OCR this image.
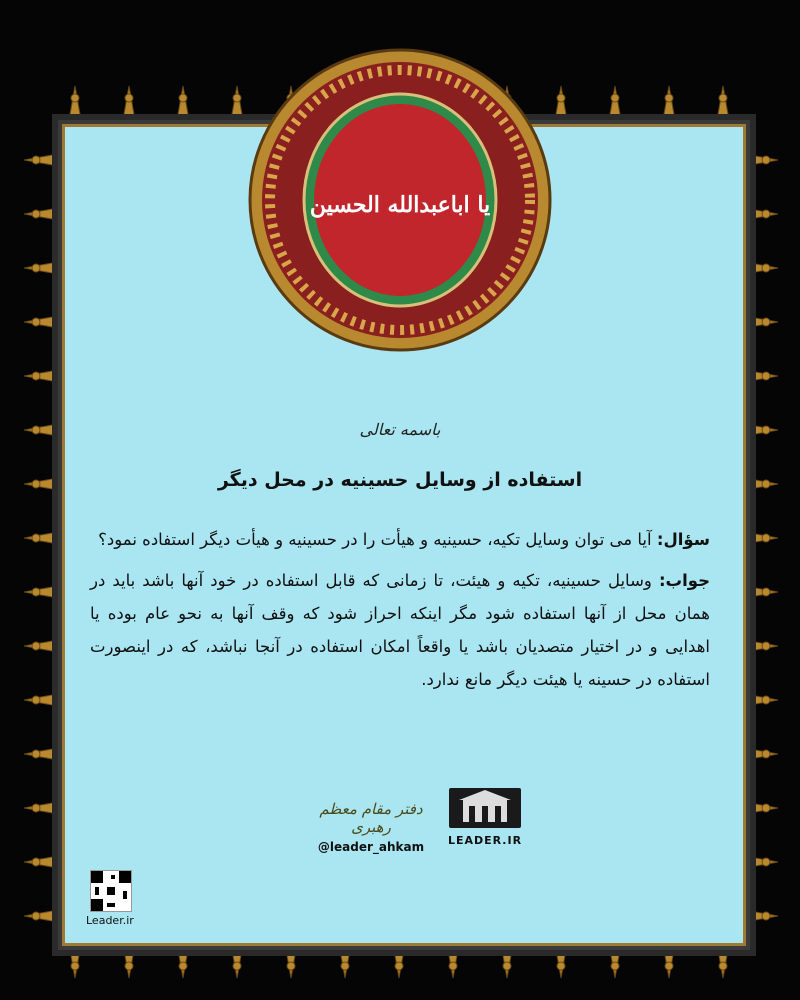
یا اباعبدالله الحسین
باسمه تعالی
استفاده از وسایل حسینیه در محل دیگر

سؤال: آیا می توان وسایل تکیه، حسینیه و هیأت را در حسینیه و هیأت دیگر استفاده نمود؟

جواب: وسایل حسینیه، تکیه و هیئت، تا زمانی که قابل استفاده در خود آنها باشد باید در همان محل از آنها استفاده شود مگر اینکه احراز شود که وقف آنها به نحو عام بوده یا اهدایی و در اختیار متصدیان باشد یا واقعاً امکان استفاده در آنجا نباشد، که در اینصورت استفاده در حسینه یا هیئت دیگر مانع ندارد.

دفتر مقام معظم رهبری
@leader_ahkam	LEADER.IR
Leader.ir
